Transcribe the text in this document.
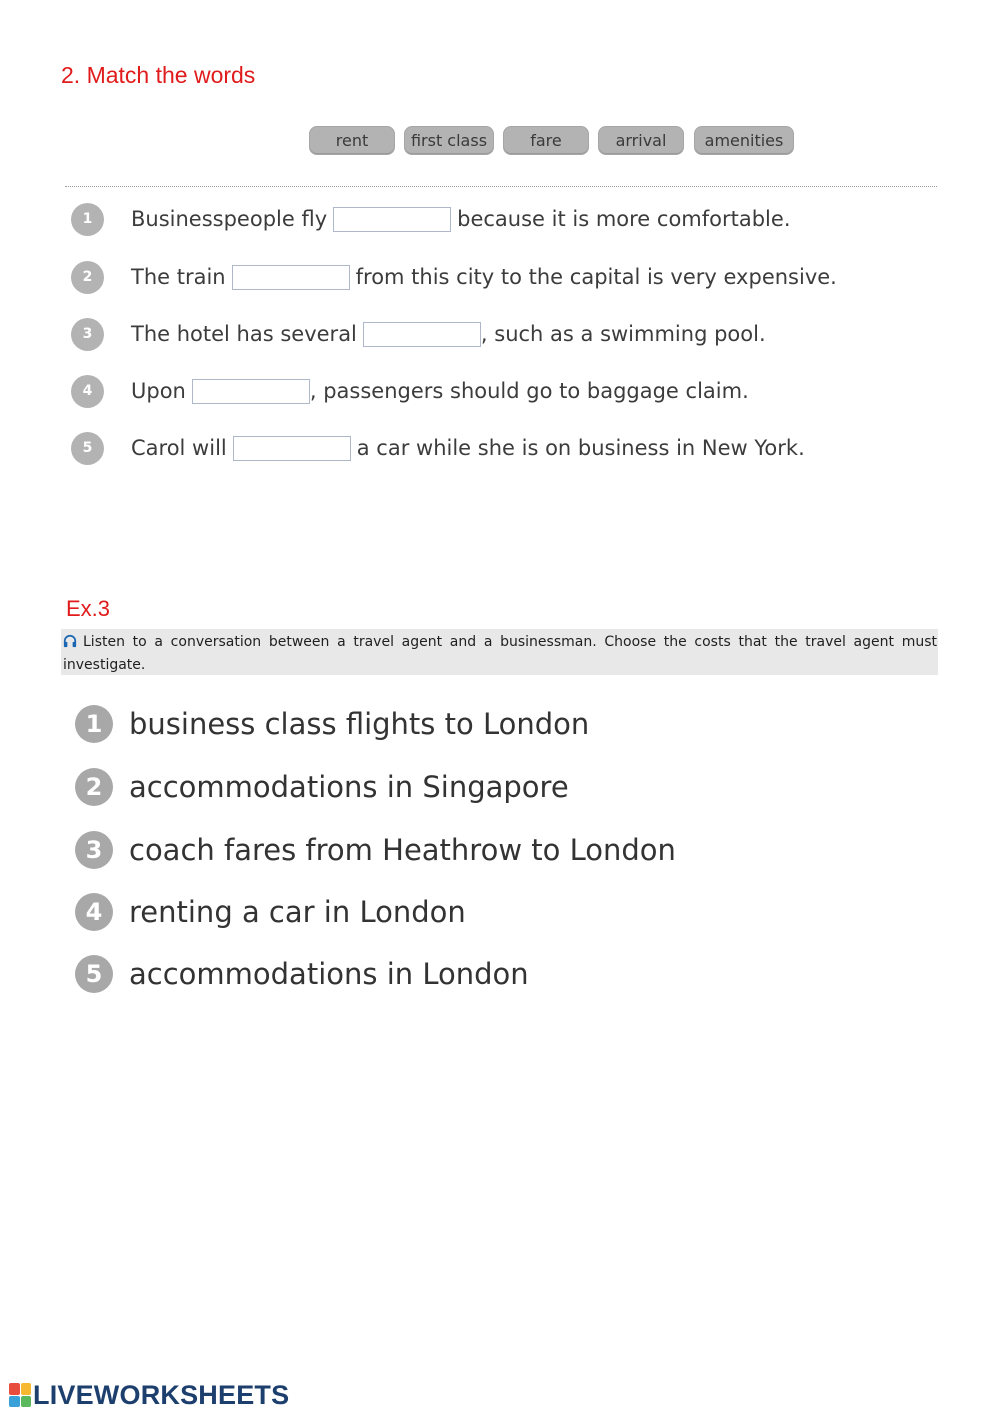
2. Match the words
rent	first class	fare	arrival	amenities
1	Businesspeople fly	because it is more comfortable.
2	The train	from this city to the capital is very expensive.
3	The hotel has several	, such as a swimming pool.
4	Upon	, passengers should go to baggage claim.
5	Carol will	a car while she is on business in New York.
Ex.3
Listen to a conversation between a travel agent and a businessman. Choose the costs that the travel agent must investigate.
1 business class flights to London
2 accommodations in Singapore
3 coach fares from Heathrow to London
4 renting a car in London
5 accommodations in London
LIVEWORKSHEETS
